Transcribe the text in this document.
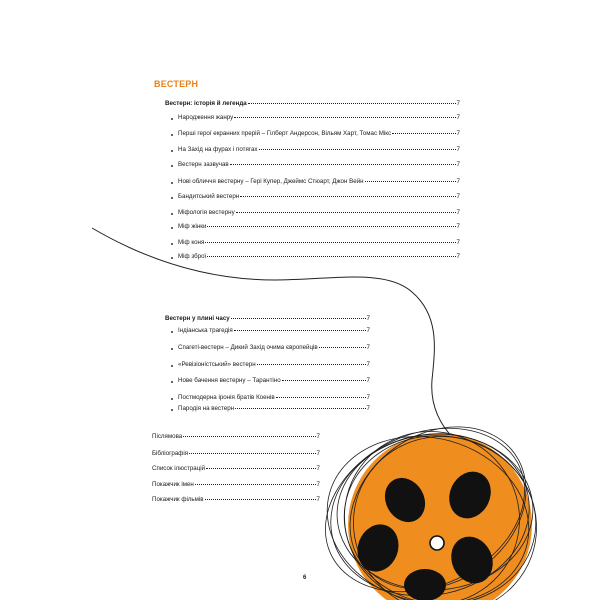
ВЕСТЕРН
Вестерн: історія й легенда	7
Народження жанру	7
Перші герої екранних прерій – Гілберт Андерсон, Вільям Харт, Томас Мікс	7
На Захід на фурах і потягах	7
Вестерн зазвучав	7
Нові обличчя вестерну – Гері Купер, Джеймс Стюарт, Джон Вейн	7
Бандитський вестерн	7
Міфологія вестерну	7
Міф жінки	7
Міф коня	7
Міф зброї	7
Вестерн у плині часу	7
Індіанська трагедія	7
Спагеті-вестерн – Дикий Захід очима європейців	7
«Ревізіоністський» вестерн	7
Нове бачення вестерну – Тарантіно	7
Постмодерна іронія братів Коенів	7
Пародія на вестерн	7
Післямова	7
Бібліографія	7
Список ілюстрацій	7
Покажчик імен	7
Покажчик фільмів	7
6
